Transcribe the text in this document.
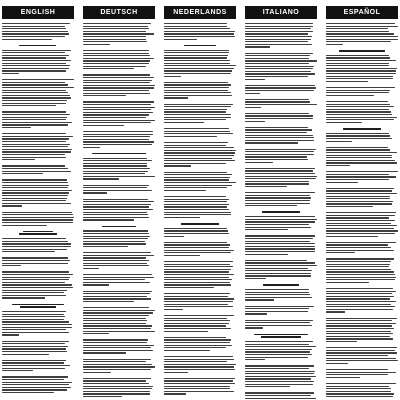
ENGLISH	DEUTSCH	NEDERLANDS	ITALIANO	ESPAÑOL
